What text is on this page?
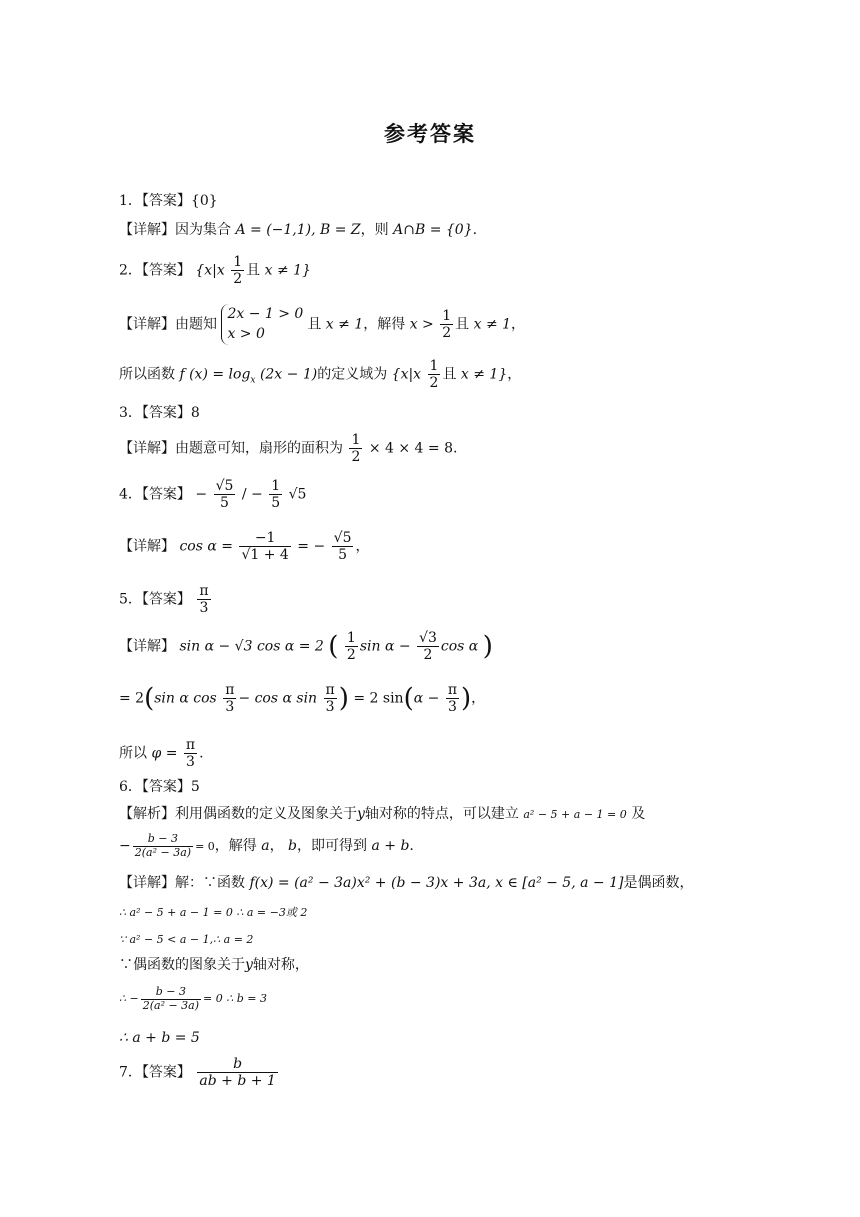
参考答案
1．【答案】{0}
【详解】因为集合 A = (−1,1), B = Z，则 A∩B = {0}.
2．【答案】 {$x|x \frac{1}{2}$ 且 x ≠ 1}
【详解】由题知 2x − 1 > 0
x > 0且 x ≠ 1，解得 $x > \frac{1}{2}$ 且 x ≠ 1，
所以函数 f $(x) = \log_x (2x - 1)$的定义域为 {$x|x \frac{1}{2}$ 且 x ≠ 1}，
3．【答案】8
【详解】由题意可知，扇形的面积为 $\frac{1}{2} \times 4 \times 4 = 8$.
4．【答案】 − $\frac{√5}{5}$ / − $\frac{1}{5} √5$
【详解】 $\cos \alpha = \frac{-1}{√1 + 4}$ = − $\frac{√5}{5}$ ，
5．【答案】 $\frac{\pi}{3}$
【详解】 sin α − √3 cos α = 2 ( $\frac{1}{2}$ $\sin \alpha - \frac{√3}{2}$ cos α )
= 2(sin α $\cos \frac{\pi}{3} - \cos \alpha$ $\sin \frac{\pi}{3}$ ) = 2 $\sin(\alpha - \frac{\pi}{3}$ )，
所以 $\varphi = \frac{\pi}{3}$ .
6．【答案】5
【解析】利用偶函数的定义及图象关于y轴对称的特点，可以建立 a² − 5 + a − 1 = 0 及
− $\frac{b - 3}{\text{2(a² − 3a)}} = 0$，解得 a， b，即可得到 a + b.
【详解】解：∵函数 f(x) = (a² − 3a)x² + (b − 3)x + 3a, x ∈ [a² − 5, a − 1]是偶函数，
∴ a² − 5 + a − 1 = 0 ∴ a = −3或 2
∵ a² − 5 < a − 1,∴ a = 2
∵偶函数的图象关于y轴对称，
∴ − $\frac{b - 3}{\text{2(a² − 3a)}} = 0$ ∴ b = 3
∴ a + b = 5
7．【答案】 $\frac{b}{ab + b + 1}$
